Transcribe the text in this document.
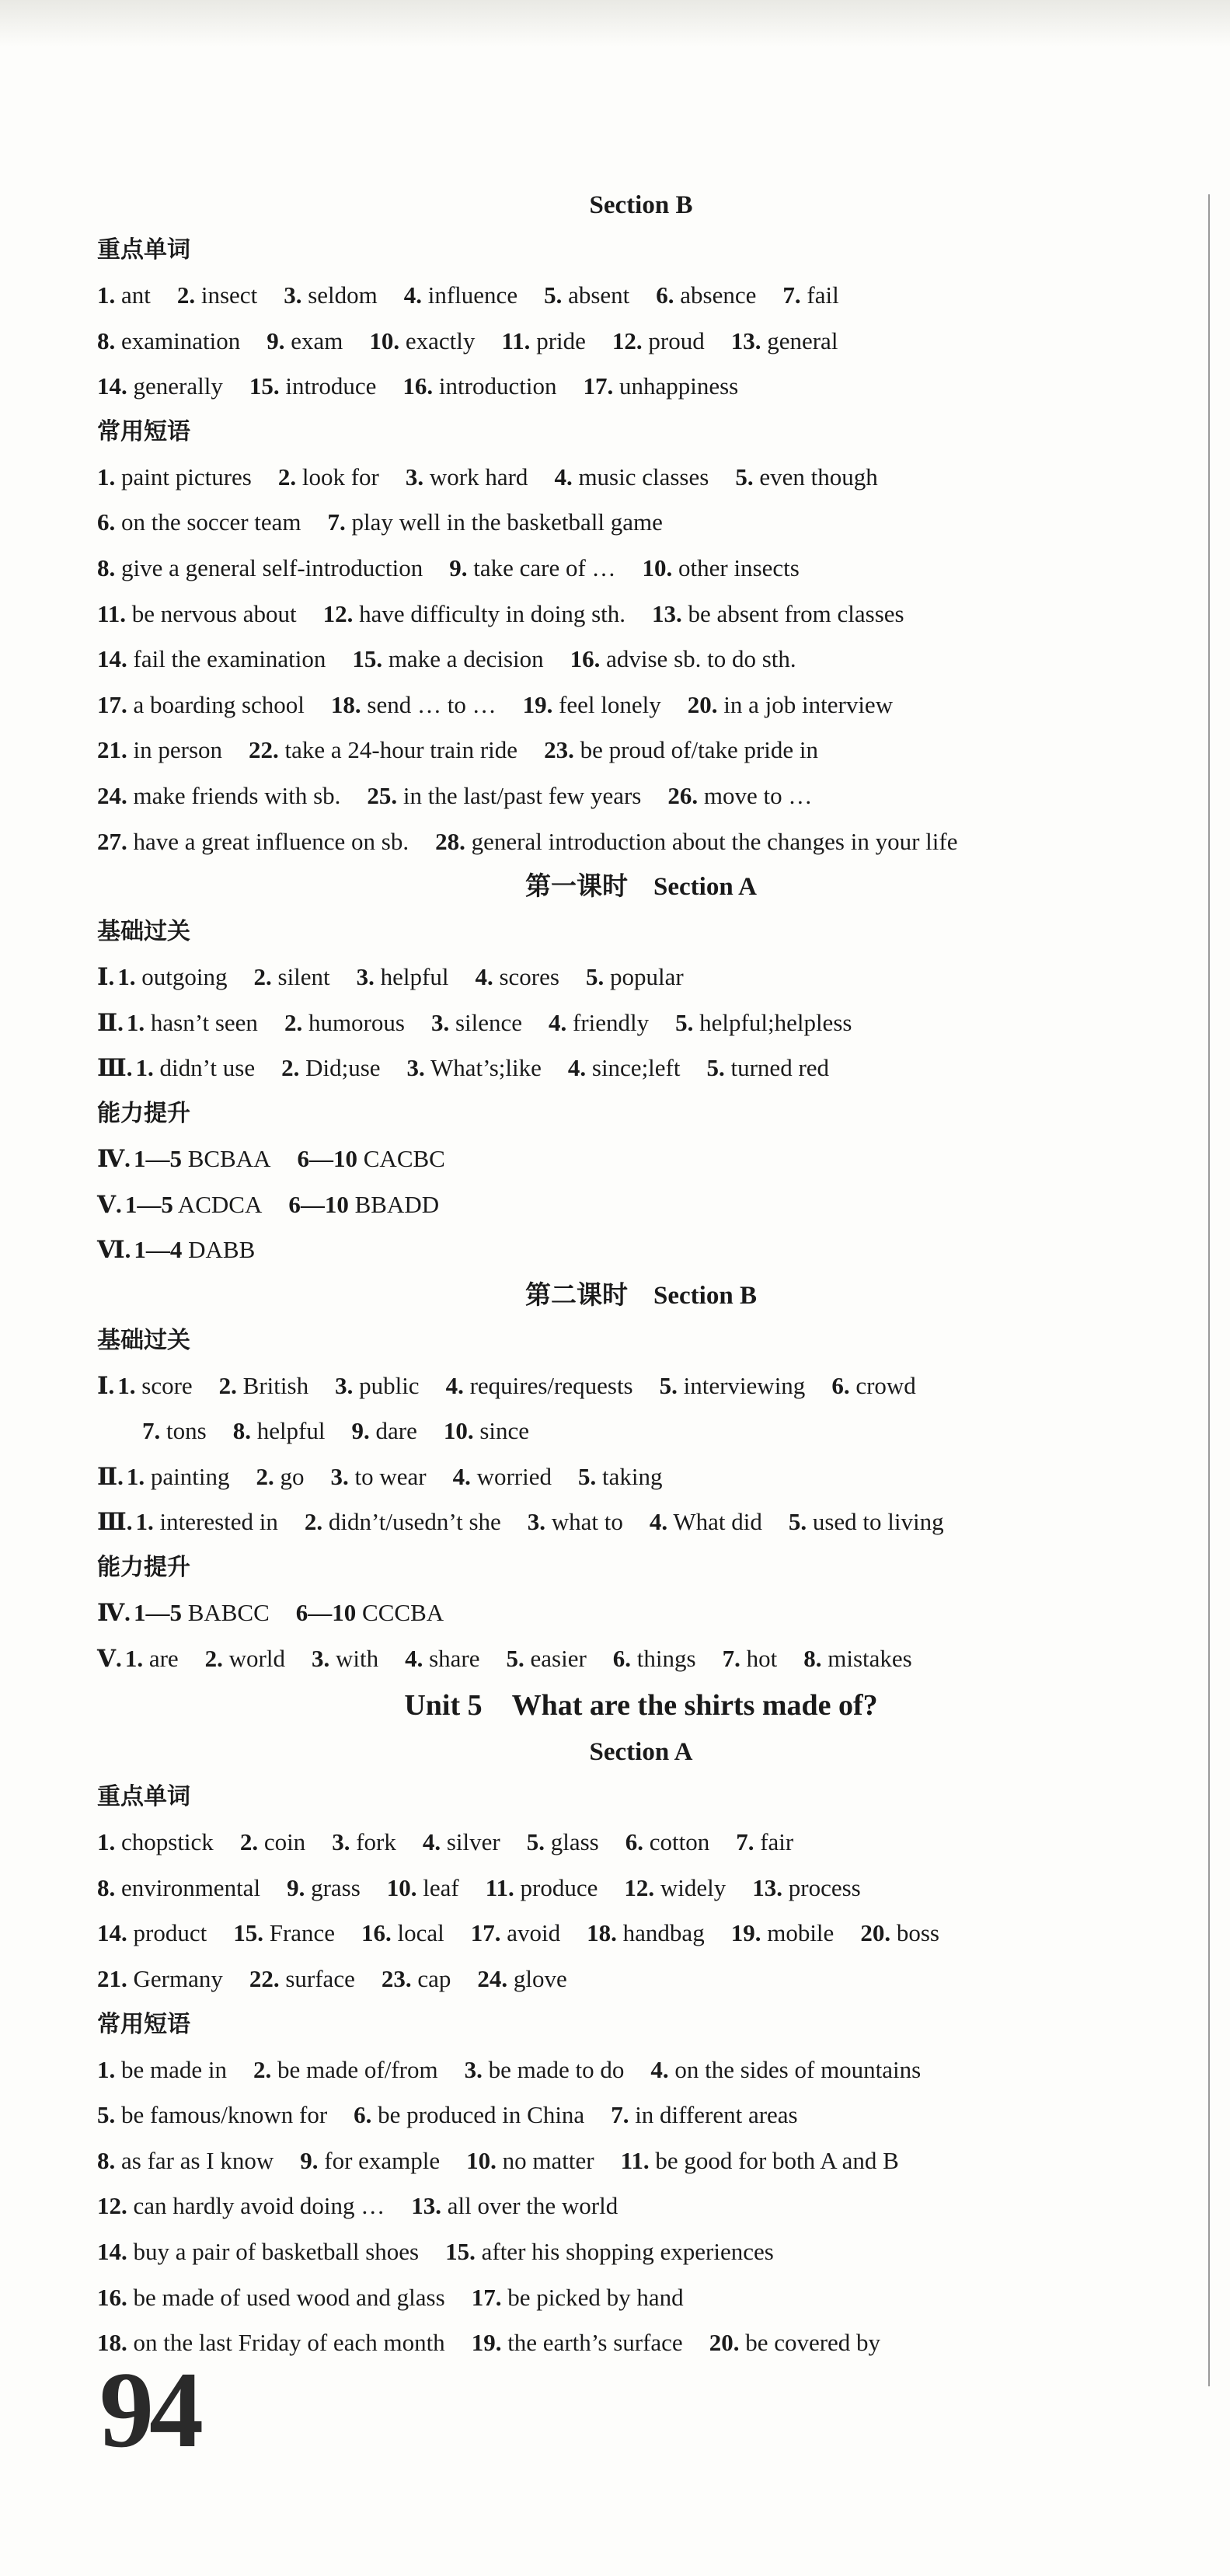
Section B

重点单词

1. ant 2. insect 3. seldom 4. influence 5. absent 6. absence 7. fail

8. examination 9. exam 10. exactly 11. pride 12. proud 13. general

14. generally 15. introduce 16. introduction 17. unhappiness

常用短语

1. paint pictures 2. look for 3. work hard 4. music classes 5. even though

6. on the soccer team 7. play well in the basketball game

8. give a general self-introduction 9. take care of … 10. other insects

11. be nervous about 12. have difficulty in doing sth. 13. be absent from classes

14. fail the examination 15. make a decision 16. advise sb. to do sth.

17. a boarding school 18. send … to … 19. feel lonely 20. in a job interview

21. in person 22. take a 24-hour train ride 23. be proud of/take pride in

24. make friends with sb. 25. in the last/past few years 26. move to …

27. have a great influence on sb. 28. general introduction about the changes in your life

第一课时　Section A

基础过关

Ⅰ. 1. outgoing 2. silent 3. helpful 4. scores 5. popular

Ⅱ. 1. hasn’t seen 2. humorous 3. silence 4. friendly 5. helpful;helpless

Ⅲ. 1. didn’t use 2. Did;use 3. What’s;like 4. since;left 5. turned red

能力提升

Ⅳ. 1—5 BCBAA 6—10 CACBC

Ⅴ. 1—5 ACDCA 6—10 BBADD

Ⅵ. 1—4 DABB

第二课时　Section B

基础过关

Ⅰ. 1. score 2. British 3. public 4. requires/requests 5. interviewing 6. crowd

7. tons 8. helpful 9. dare 10. since

Ⅱ. 1. painting 2. go 3. to wear 4. worried 5. taking

Ⅲ. 1. interested in 2. didn’t/usedn’t she 3. what to 4. What did 5. used to living

能力提升

Ⅳ. 1—5 BABCC 6—10 CCCBA

Ⅴ. 1. are 2. world 3. with 4. share 5. easier 6. things 7. hot 8. mistakes

Unit 5　What are the shirts made of?

Section A

重点单词

1. chopstick 2. coin 3. fork 4. silver 5. glass 6. cotton 7. fair

8. environmental 9. grass 10. leaf 11. produce 12. widely 13. process

14. product 15. France 16. local 17. avoid 18. handbag 19. mobile 20. boss

21. Germany 22. surface 23. cap 24. glove

常用短语

1. be made in 2. be made of/from 3. be made to do 4. on the sides of mountains

5. be famous/known for 6. be produced in China 7. in different areas

8. as far as I know 9. for example 10. no matter 11. be good for both A and B

12. can hardly avoid doing … 13. all over the world

14. buy a pair of basketball shoes 15. after his shopping experiences

16. be made of used wood and glass 17. be picked by hand

18. on the last Friday of each month 19. the earth’s surface 20. be covered by

94
